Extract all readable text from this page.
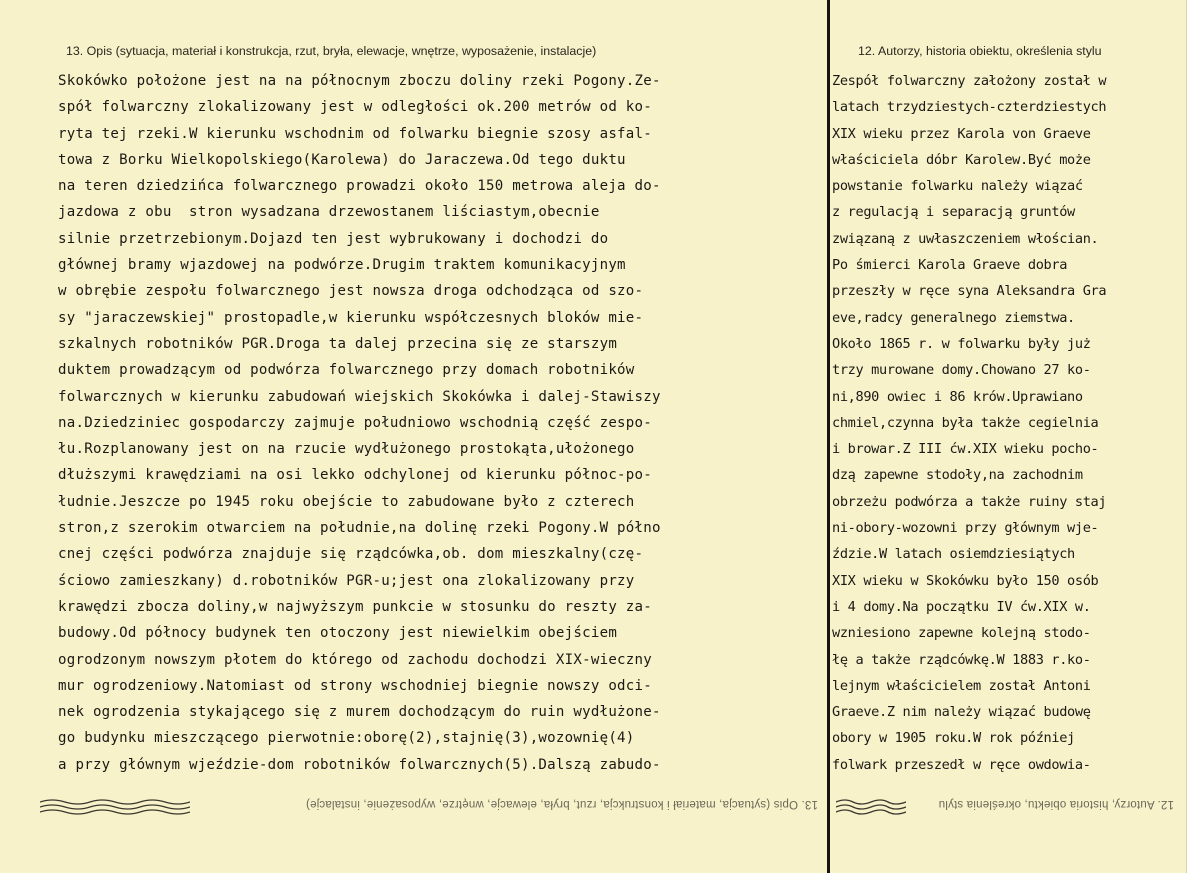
13. Opis (sytuacja, materiał i konstrukcja, rzut, bryła, elewacje, wnętrze, wyposażenie, instalacje)	12. Autorzy, historia obiektu, określenia stylu
Skokówko położone jest na na północnym zboczu doliny rzeki Pogony.Ze-
spół folwarczny zlokalizowany jest w odległości ok.200 metrów od ko-
ryta tej rzeki.W kierunku wschodnim od folwarku biegnie szosy asfal-
towa z Borku Wielkopolskiego(Karolewa) do Jaraczewa.Od tego duktu
na teren dziedzińca folwarcznego prowadzi około 150 metrowa aleja do-
jazdowa z obu  stron wysadzana drzewostanem liściastym,obecnie
silnie przetrzebionym.Dojazd ten jest wybrukowany i dochodzi do
głównej bramy wjazdowej na podwórze.Drugim traktem komunikacyjnym
w obrębie zespołu folwarcznego jest nowsza droga odchodząca od szo-
sy "jaraczewskiej" prostopadle,w kierunku współczesnych bloków mie-
szkalnych robotników PGR.Droga ta dalej przecina się ze starszym
duktem prowadzącym od podwórza folwarcznego przy domach robotników
folwarcznych w kierunku zabudowań wiejskich Skokówka i dalej-Stawiszy
na.Dziedziniec gospodarczy zajmuje południowo wschodnią część zespo-
łu.Rozplanowany jest on na rzucie wydłużonego prostokąta,ułożonego
dłuższymi krawędziami na osi lekko odchylonej od kierunku północ-po-
łudnie.Jeszcze po 1945 roku obejście to zabudowane było z czterech
stron,z szerokim otwarciem na południe,na dolinę rzeki Pogony.W półno
cnej części podwórza znajduje się rządcówka,ob. dom mieszkalny(czę-
ściowo zamieszkany) d.robotników PGR-u;jest ona zlokalizowany przy
krawędzi zbocza doliny,w najwyższym punkcie w stosunku do reszty za-
budowy.Od północy budynek ten otoczony jest niewielkim obejściem
ogrodzonym nowszym płotem do którego od zachodu dochodzi XIX-wieczny
mur ogrodzeniowy.Natomiast od strony wschodniej biegnie nowszy odci-
nek ogrodzenia stykającego się z murem dochodzącym do ruin wydłużone-
go budynku mieszczącego pierwotnie:oborę(2),stajnię(3),wozownię(4)
a przy głównym wjeździe-dom robotników folwarcznych(5).Dalszą zabudo-
Zespół folwarczny założony został w
latach trzydziestych-czterdziestych
XIX wieku przez Karola von Graeve
właściciela dóbr Karolew.Być może
powstanie folwarku należy wiązać
z regulacją i separacją gruntów
związaną z uwłaszczeniem włościan.
Po śmierci Karola Graeve dobra
przeszły w ręce syna Aleksandra Gra
eve,radcy generalnego ziemstwa.
Około 1865 r. w folwarku były już
trzy murowane domy.Chowano 27 ko-
ni,890 owiec i 86 krów.Uprawiano
chmiel,czynna była także cegielnia
i browar.Z III ćw.XIX wieku pocho-
dzą zapewne stodoły,na zachodnim
obrzeżu podwórza a także ruiny staj
ni-obory-wozowni przy głównym wje-
ździe.W latach osiemdziesiątych
XIX wieku w Skokówku było 150 osób
i 4 domy.Na początku IV ćw.XIX w.
wzniesiono zapewne kolejną stodo-
łę a także rządcówkę.W 1883 r.ko-
lejnym właścicielem został Antoni
Graeve.Z nim należy wiązać budowę
obory w 1905 roku.W rok później
folwark przeszedł w ręce owdowia-
13. Opis (sytuacja, materiał i konstrukcja, rzut, bryła, elewacje, wnętrze, wyposażenie, instalacje)	12. Autorzy, historia obiektu, określenia stylu
